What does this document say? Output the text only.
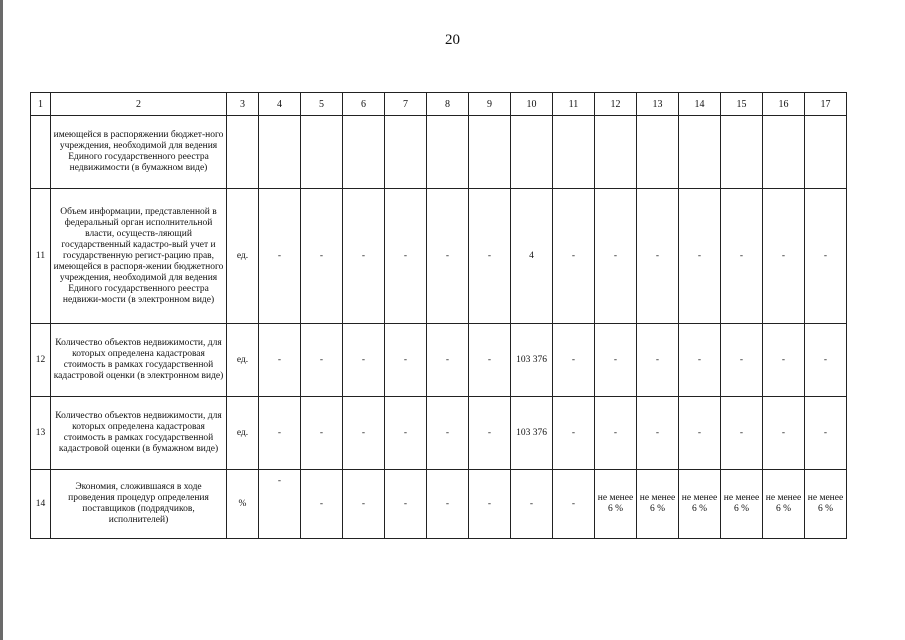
20
1	2	3	4	5	6	7	8	9	10	11	12	13	14	15	16	17
	имеющейся в распоряжении бюджет-ного учреждения, необходимой для ведения Единого государственного реестра недвижимости (в бумажном виде)															
11	Объем информации, представленной в федеральный орган исполнительной власти, осуществ-ляющий государственный кадастро-вый учет и государственную регист-рацию прав, имеющейся в распоря-жении бюджетного учреждения, необходимой для ведения Единого государственного реестра недвижи-мости (в электронном виде)	ед.	-	-	-	-	-	-	4	-	-	-	-	-	-	-
12	Количество объектов недвижимости, для которых определена кадастровая стоимость в рамках государственной кадастровой оценки (в электронном виде)	ед.	-	-	-	-	-	-	103 376	-	-	-	-	-	-	-
13	Количество объектов недвижимости, для которых определена кадастровая стоимость в рамках государственной кадастровой оценки (в бумажном виде)	ед.	-	-	-	-	-	-	103 376	-	-	-	-	-	-	-
14	Экономия, сложившаяся в ходе проведения процедур определения поставщиков (подрядчиков, исполнителей)	%	-	-	-	-	-	-	-	-	не менее 6 %	не менее 6 %	не менее 6 %	не менее 6 %	не менее 6 %	не менее 6 %
